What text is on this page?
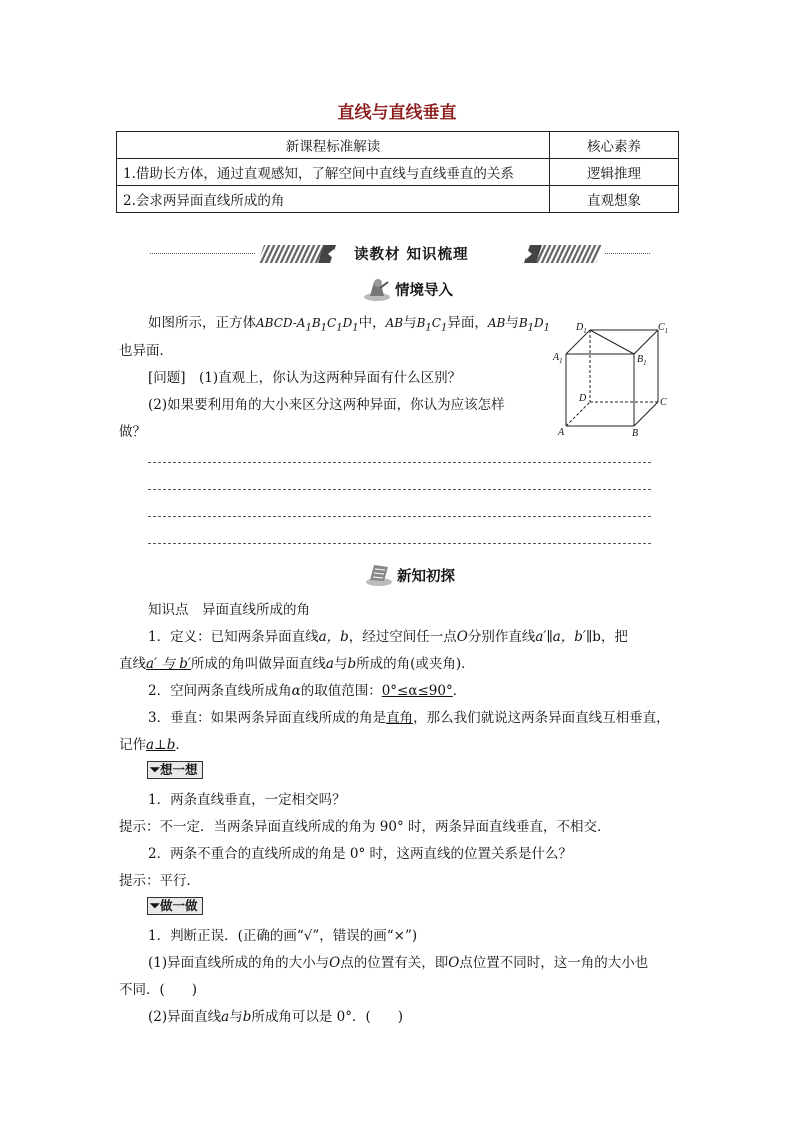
直线与直线垂直
新课程标准解读	核心素养
1.借助长方体，通过直观感知，了解空间中直线与直线垂直的关系	逻辑推理
2.会求两异面直线所成的角	直观想象
读教材 知识梳理
情境导入
如图所示，正方体ABCD-$A_1B_1C_1D_1$中，AB与$B_1C_1$异面，AB与$B_1D_1$
也异面．
[问题]　(1)直观上，你认为这两种异面有什么区别？
(2)如果要利用角的大小来区分这两种异面，你认为应该怎样
做？
$D_1$	$C_1$
$A_1$	$B_1$
D	C
A	B
新知初探
知识点　异面直线所成的角
1．定义：已知两条异面直线a，b，经过空间任一点O分别作直线a′∥a，b′∥b，把
直线a′ 与 b′所成的角叫做异面直线a与b所成的角(或夹角)．
2．空间两条直线所成角α的取值范围：0°≤α≤90°．
3．垂直：如果两条异面直线所成的角是直角，那么我们就说这两条异面直线互相垂直，
记作a⊥b．
⏷想一想
1．两条直线垂直，一定相交吗？
提示：不一定．当两条异面直线所成的角为 90° 时，两条异面直线垂直，不相交．
2．两条不重合的直线所成的角是 0° 时，这两直线的位置关系是什么？
提示：平行．
⏷做一做
1．判断正误．(正确的画“√”，错误的画“×”)
(1)异面直线所成的角的大小与O点的位置有关，即O点位置不同时，这一角的大小也
不同．(　　)
(2)异面直线a与b所成角可以是 0°．(　　)
